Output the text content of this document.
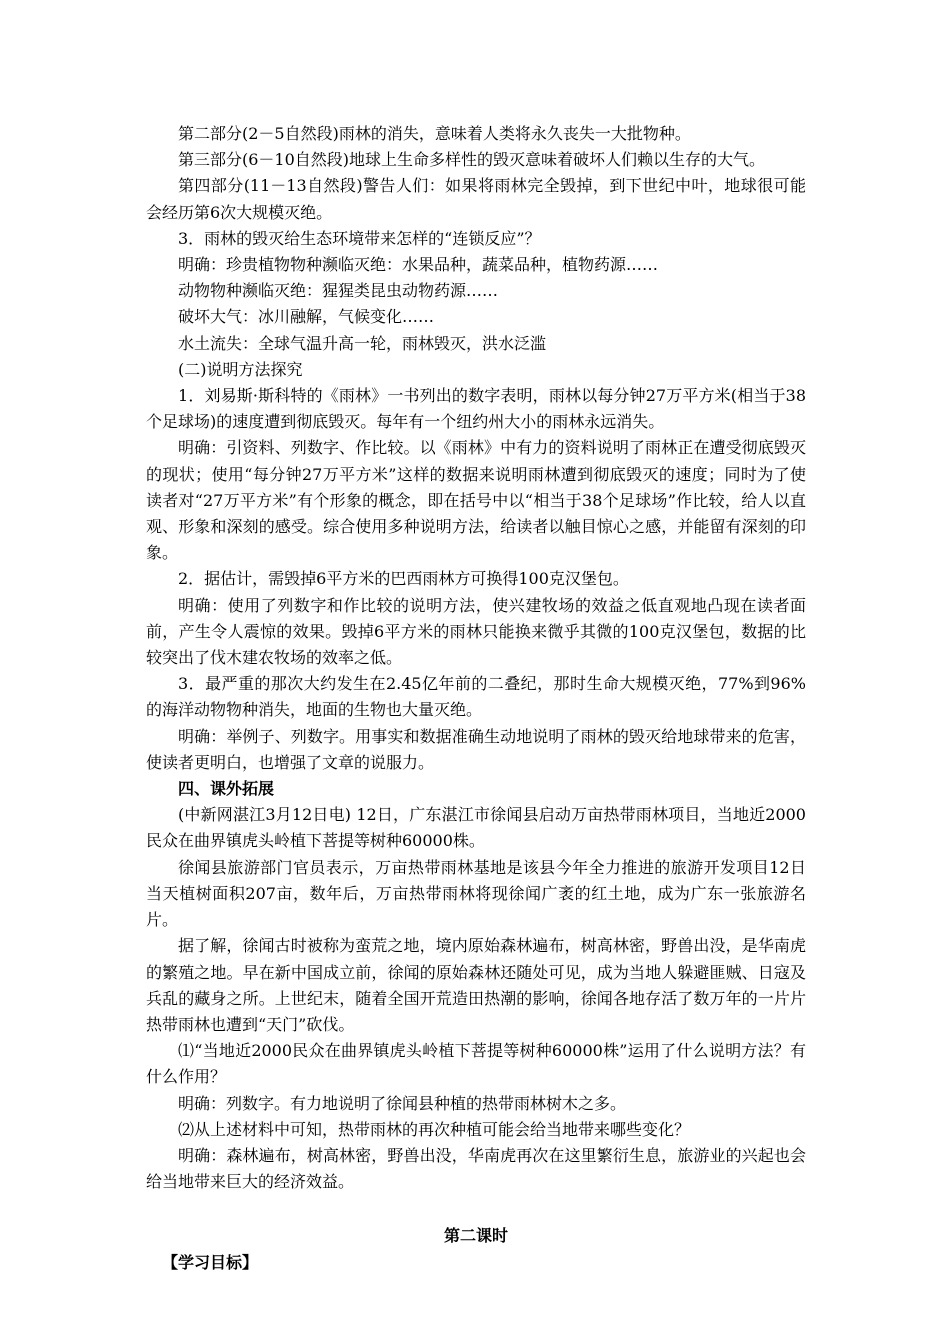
第二部分(2－5自然段)雨林的消失，意味着人类将永久丧失一大批物种。

第三部分(6－10自然段)地球上生命多样性的毁灭意味着破坏人们赖以生存的大气。

第四部分(11－13自然段)警告人们：如果将雨林完全毁掉，到下世纪中叶，地球很可能会经历第6次大规模灭绝。

3．雨林的毁灭给生态环境带来怎样的“连锁反应”？

明确：珍贵植物物种濒临灭绝：水果品种，蔬菜品种，植物药源……

动物物种濒临灭绝：猩猩类昆虫动物药源……

破坏大气：冰川融解，气候变化……

水土流失：全球气温升高一轮，雨林毁灭，洪水泛滥

(二)说明方法探究

1．刘易斯·斯科特的《雨林》一书列出的数字表明，雨林以每分钟27万平方米(相当于38个足球场)的速度遭到彻底毁灭。每年有一个纽约州大小的雨林永远消失。

明确：引资料、列数字、作比较。以《雨林》中有力的资料说明了雨林正在遭受彻底毁灭的现状；使用“每分钟27万平方米”这样的数据来说明雨林遭到彻底毁灭的速度；同时为了使读者对“27万平方米”有个形象的概念，即在括号中以“相当于38个足球场”作比较，给人以直观、形象和深刻的感受。综合使用多种说明方法，给读者以触目惊心之感，并能留有深刻的印象。

2．据估计，需毁掉6平方米的巴西雨林方可换得100克汉堡包。

明确：使用了列数字和作比较的说明方法，使兴建牧场的效益之低直观地凸现在读者面前，产生令人震惊的效果。毁掉6平方米的雨林只能换来微乎其微的100克汉堡包，数据的比较突出了伐木建农牧场的效率之低。

3．最严重的那次大约发生在2.45亿年前的二叠纪，那时生命大规模灭绝，77%到96%的海洋动物物种消失，地面的生物也大量灭绝。

明确：举例子、列数字。用事实和数据准确生动地说明了雨林的毁灭给地球带来的危害，使读者更明白，也增强了文章的说服力。

四、课外拓展

(中新网湛江3月12日电) 12日，广东湛江市徐闻县启动万亩热带雨林项目，当地近2000民众在曲界镇虎头岭植下菩提等树种60000株。

徐闻县旅游部门官员表示，万亩热带雨林基地是该县今年全力推进的旅游开发项目12日当天植树面积207亩，数年后，万亩热带雨林将现徐闻广袤的红土地，成为广东一张旅游名片。

据了解，徐闻古时被称为蛮荒之地，境内原始森林遍布，树高林密，野兽出没，是华南虎的繁殖之地。早在新中国成立前，徐闻的原始森林还随处可见，成为当地人躲避匪贼、日寇及兵乱的藏身之所。上世纪末，随着全国开荒造田热潮的影响，徐闻各地存活了数万年的一片片热带雨林也遭到“天门”砍伐。

⑴“当地近2000民众在曲界镇虎头岭植下菩提等树种60000株”运用了什么说明方法？有什么作用？

明确：列数字。有力地说明了徐闻县种植的热带雨林树木之多。

⑵从上述材料中可知，热带雨林的再次种植可能会给当地带来哪些变化？

明确：森林遍布，树高林密，野兽出没，华南虎再次在这里繁衍生息，旅游业的兴起也会给当地带来巨大的经济效益。

第二课时

【学习目标】
